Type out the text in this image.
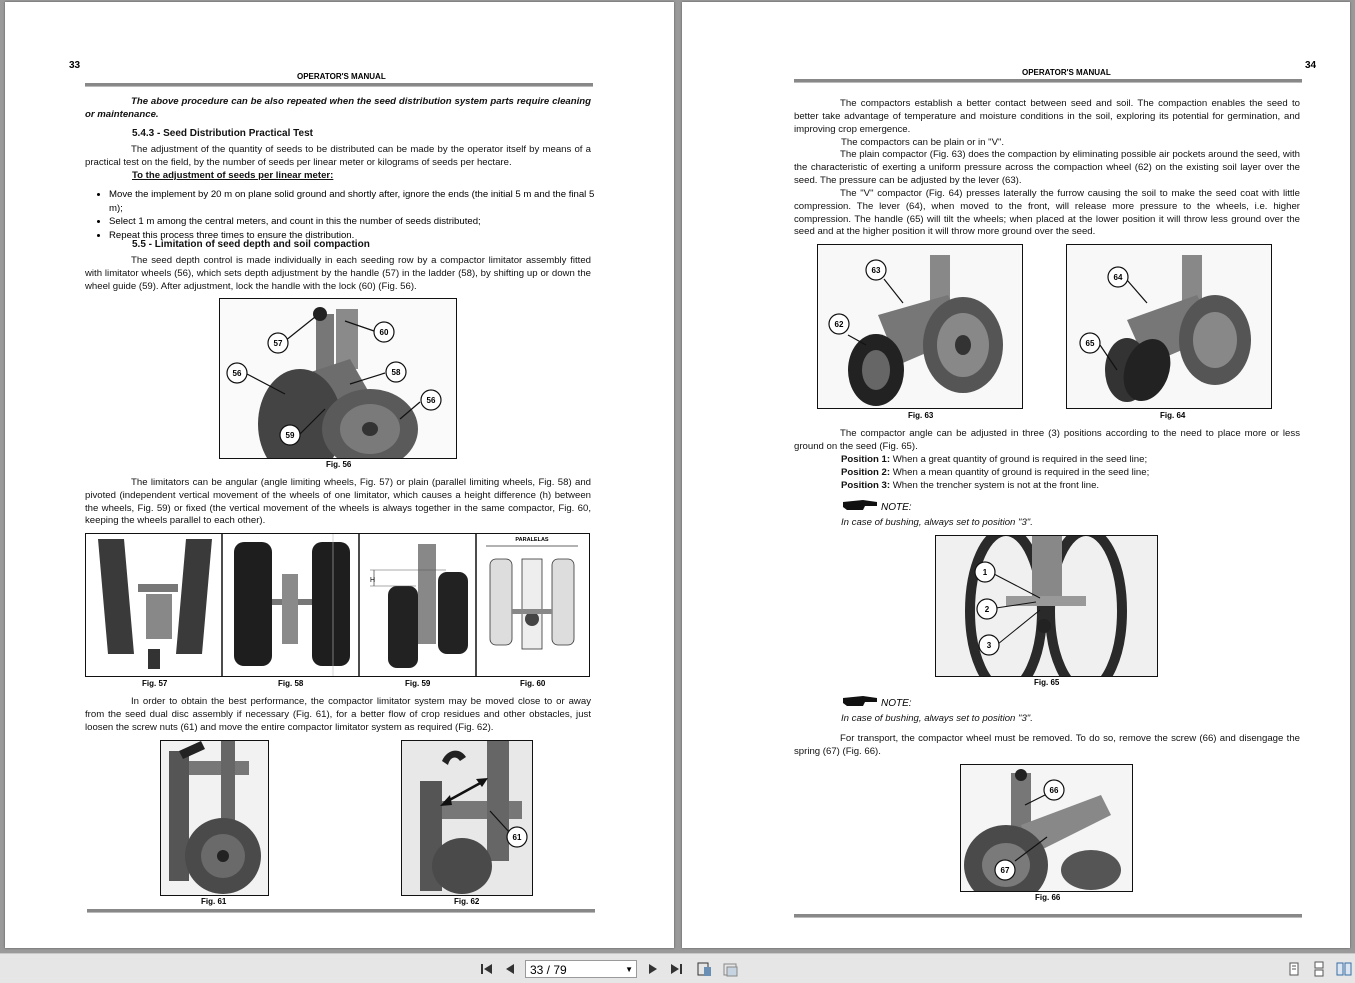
33
OPERATOR'S MANUAL
The above procedure can be also repeated when the seed distribution system parts require cleaning or maintenance.
5.4.3 - Seed Distribution Practical Test
The adjustment of the quantity of seeds to be distributed can be made by the operator itself by means of a practical test on the field, by the number of seeds per linear meter or kilograms of seeds per hectare.
To the adjustment of seeds per linear meter:
• Move the implement by 20 m on plane solid ground and shortly after, ignore the ends (the initial 5 m and the final 5 m);
• Select 1 m among the central meters, and count in this the number of seeds distributed;
• Repeat this process three times to ensure the distribution.
5.5 - Limitation of seed depth and soil compaction
The seed depth control is made individually in each seeding row by a compactor limitator assembly fitted with limitator wheels (56), which sets depth adjustment by the handle (57) in the ladder (58), by shifting up or down the wheel guide (59). After adjustment, lock the handle with the lock (60) (Fig. 56).
57
60
56	58
56
59
Fig. 56
The limitators can be angular (angle limiting wheels, Fig. 57) or plain (parallel limiting wheels, Fig. 58) and pivoted (independent vertical movement of the wheels of one limitator, which causes a height difference (h) between the wheels, Fig. 59) or fixed (the vertical movement of the wheels is always together in the same compactor, Fig. 60, keeping the wheels parallel to each other).
H
PARALELAS
Fig. 57	Fig. 58	Fig. 59	Fig. 60
In order to obtain the best performance, the compactor limitator system may be moved close to or away from the seed dual disc assembly if necessary (Fig. 61), for a better flow of crop residues and other obstacles, just loosen the screw nuts (61) and move the entire compactor limitator system as required (Fig. 62).
Fig. 61
61
Fig. 62
34
OPERATOR'S MANUAL
The compactors establish a better contact between seed and soil. The compaction enables the seed to better take advantage of temperature and moisture conditions in the soil, exploring its potential for germination, and improving crop emergence.
The compactors can be plain or in "V".
The plain compactor (Fig. 63) does the compaction by eliminating possible air pockets around the seed, with the characteristic of exerting a uniform pressure across the compaction wheel (62) on the existing soil layer over the seed. The pressure can be adjusted by the lever (63).
The "V" compactor (Fig. 64) presses laterally the furrow causing the soil to make the seed coat with little compression. The lever (64), when moved to the front, will release more pressure to the wheels, i.e. higher compression. The handle (65) will tilt the wheels; when placed at the lower position it will throw less ground over the seed and at the higher position it will throw more ground over the seed.
63
62
Fig. 63
64
65
Fig. 64
The compactor angle can be adjusted in three (3) positions according to the need to place more or less ground on the seed (Fig. 65).
Position 1: When a great quantity of ground is required in the seed line;
Position 2: When a mean quantity of ground is required in the seed line;
Position 3: When the trencher system is not at the front line.
NOTE:
In case of bushing, always set to position "3".
1
2
3
Fig. 65
NOTE:
In case of bushing, always set to position "3".
For transport, the compactor wheel must be removed. To do so, remove the screw (66) and disengage the spring (67) (Fig. 66).
66
67
Fig. 66
33 / 79	▼
